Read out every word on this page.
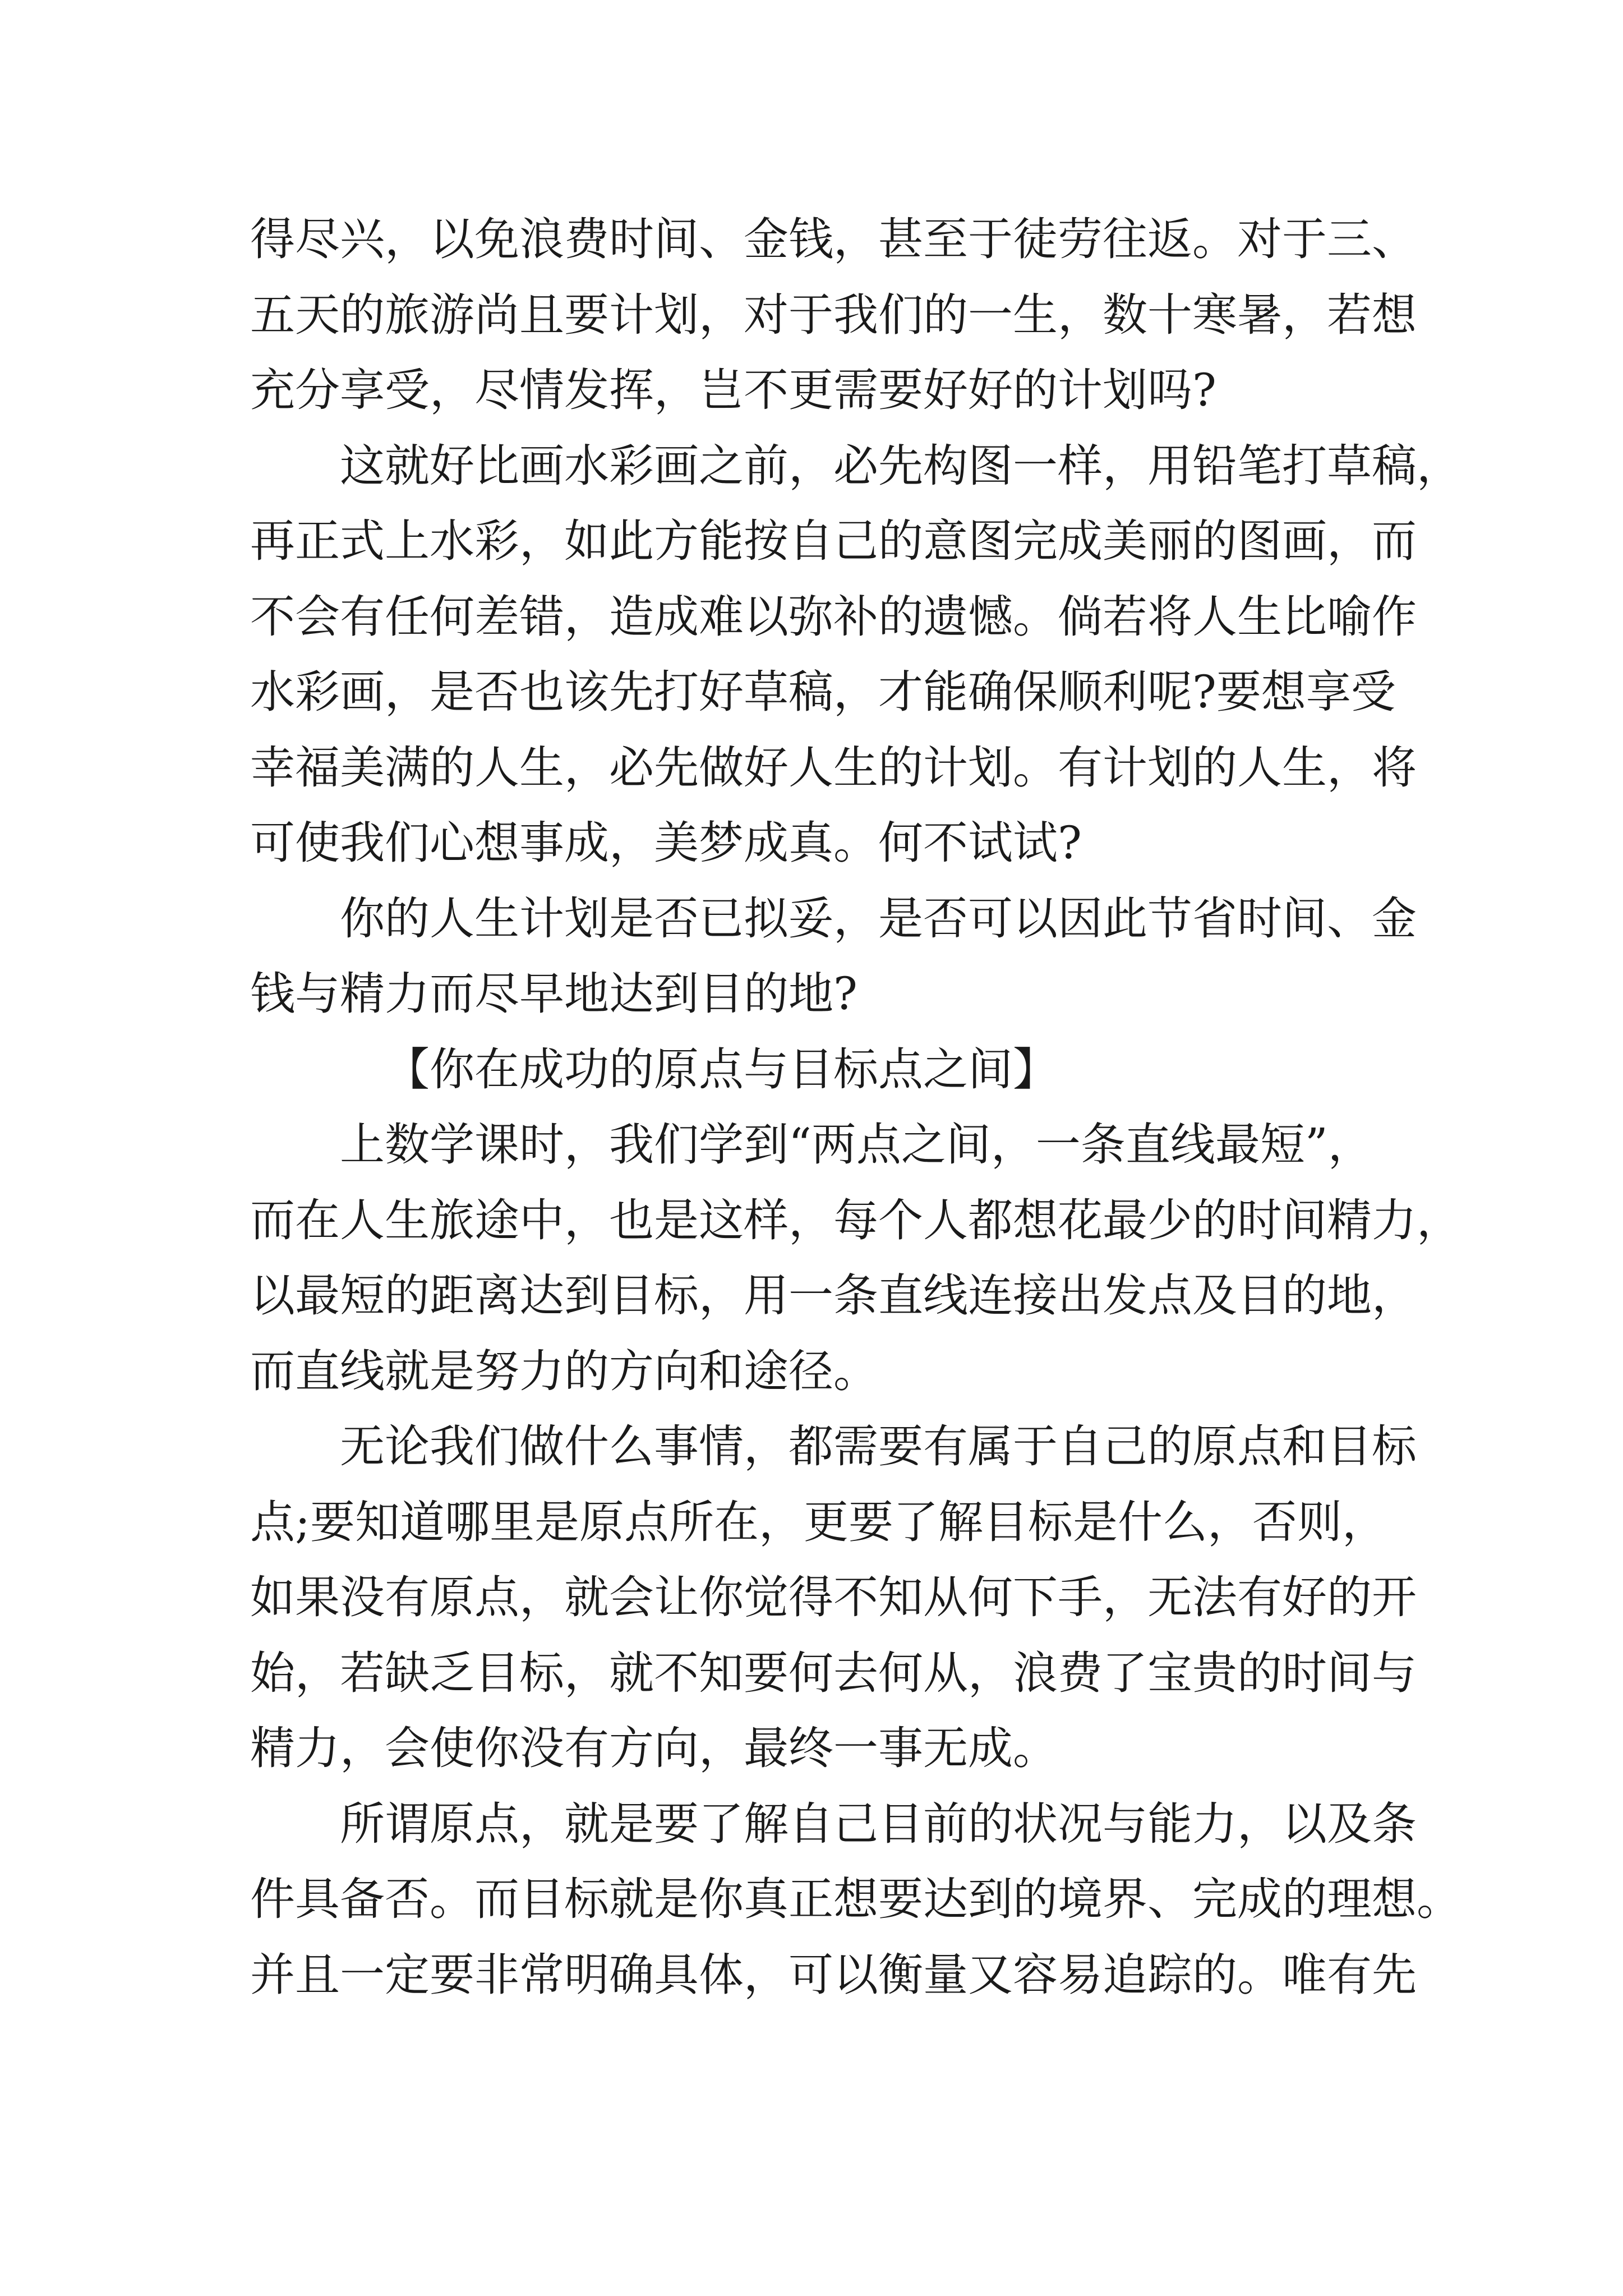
得尽兴，以免浪费时间、金钱，甚至于徒劳往返。对于三、
五天的旅游尚且要计划，对于我们的一生，数十寒暑，若想
充分享受，尽情发挥，岂不更需要好好的计划吗?
这就好比画水彩画之前，必先构图一样，用铅笔打草稿，
再正式上水彩，如此方能按自己的意图完成美丽的图画，而
不会有任何差错，造成难以弥补的遗憾。倘若将人生比喻作
水彩画，是否也该先打好草稿，才能确保顺利呢?要想享受
幸福美满的人生，必先做好人生的计划。有计划的人生，将
可使我们心想事成，美梦成真。何不试试?
你的人生计划是否已拟妥，是否可以因此节省时间、金
钱与精力而尽早地达到目的地?
【你在成功的原点与目标点之间】
上数学课时，我们学到“两点之间，一条直线最短”，
而在人生旅途中，也是这样，每个人都想花最少的时间精力，
以最短的距离达到目标，用一条直线连接出发点及目的地，
而直线就是努力的方向和途径。
无论我们做什么事情，都需要有属于自己的原点和目标
点;要知道哪里是原点所在，更要了解目标是什么，否则，
如果没有原点，就会让你觉得不知从何下手，无法有好的开
始，若缺乏目标，就不知要何去何从，浪费了宝贵的时间与
精力，会使你没有方向，最终一事无成。
所谓原点，就是要了解自己目前的状况与能力，以及条
件具备否。而目标就是你真正想要达到的境界、完成的理想。
并且一定要非常明确具体，可以衡量又容易追踪的。唯有先
